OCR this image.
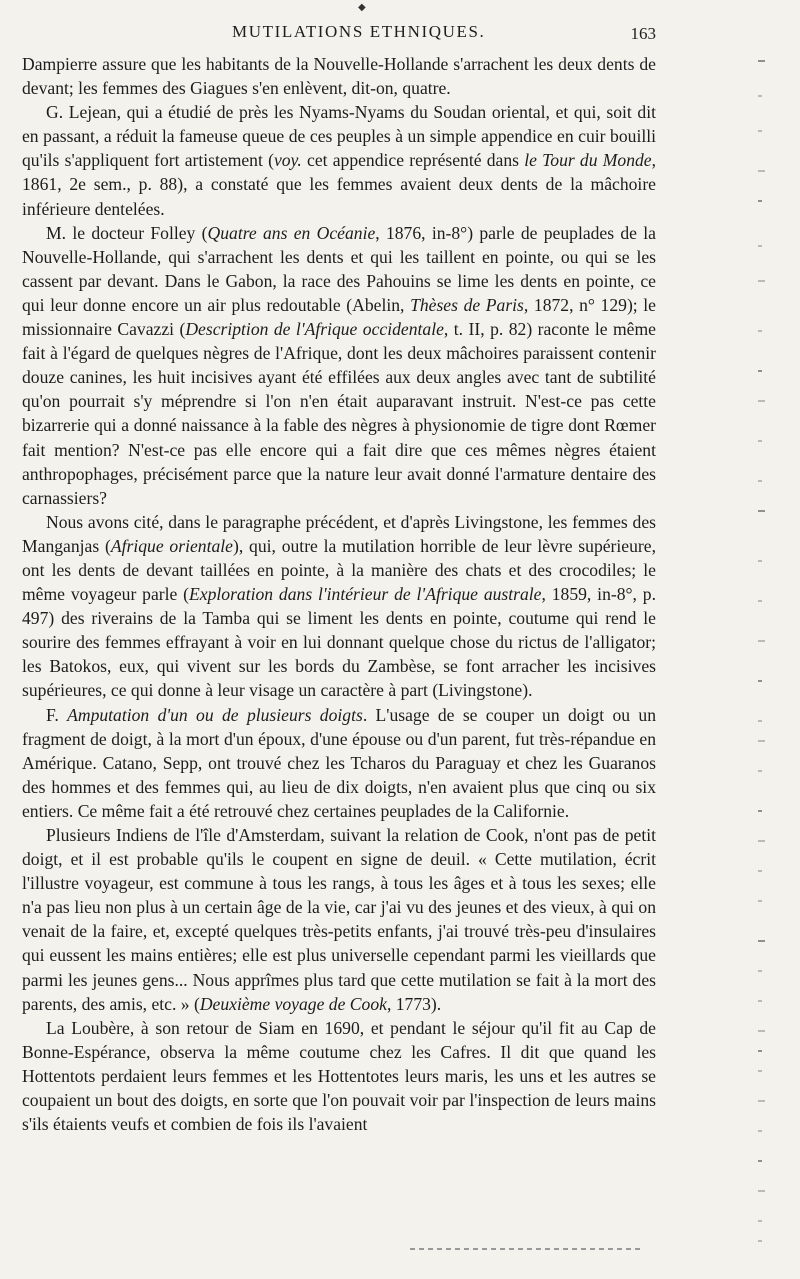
◆
MUTILATIONS ETHNIQUES.	163

Dampierre assure que les habitants de la Nouvelle-Hollande s'arrachent les deux dents de devant; les femmes des Giagues s'en enlèvent, dit-on, quatre.

G. Lejean, qui a étudié de près les Nyams-Nyams du Soudan oriental, et qui, soit dit en passant, a réduit la fameuse queue de ces peuples à un simple appendice en cuir bouilli qu'ils s'appliquent fort artistement (voy. cet appendice représenté dans le Tour du Monde, 1861, 2e sem., p. 88), a constaté que les femmes avaient deux dents de la mâchoire inférieure dentelées.

M. le docteur Folley (Quatre ans en Océanie, 1876, in-8°) parle de peuplades de la Nouvelle-Hollande, qui s'arrachent les dents et qui les taillent en pointe, ou qui se les cassent par devant. Dans le Gabon, la race des Pahouins se lime les dents en pointe, ce qui leur donne encore un air plus redoutable (Abelin, Thèses de Paris, 1872, n° 129); le missionnaire Cavazzi (Description de l'Afrique occidentale, t. II, p. 82) raconte le même fait à l'égard de quelques nègres de l'Afrique, dont les deux mâchoires paraissent contenir douze canines, les huit incisives ayant été effilées aux deux angles avec tant de subtilité qu'on pourrait s'y méprendre si l'on n'en était auparavant instruit. N'est-ce pas cette bizarrerie qui a donné naissance à la fable des nègres à physionomie de tigre dont Rœmer fait mention? N'est-ce pas elle encore qui a fait dire que ces mêmes nègres étaient anthropophages, précisément parce que la nature leur avait donné l'armature dentaire des carnassiers?

Nous avons cité, dans le paragraphe précédent, et d'après Livingstone, les femmes des Manganjas (Afrique orientale), qui, outre la mutilation horrible de leur lèvre supérieure, ont les dents de devant taillées en pointe, à la manière des chats et des crocodiles; le même voyageur parle (Exploration dans l'intérieur de l'Afrique australe, 1859, in-8°, p. 497) des riverains de la Tamba qui se liment les dents en pointe, coutume qui rend le sourire des femmes effrayant à voir en lui donnant quelque chose du rictus de l'alligator; les Batokos, eux, qui vivent sur les bords du Zambèse, se font arracher les incisives supérieures, ce qui donne à leur visage un caractère à part (Livingstone).

F. Amputation d'un ou de plusieurs doigts. L'usage de se couper un doigt ou un fragment de doigt, à la mort d'un époux, d'une épouse ou d'un parent, fut très-répandue en Amérique. Catano, Sepp, ont trouvé chez les Tcharos du Paraguay et chez les Guaranos des hommes et des femmes qui, au lieu de dix doigts, n'en avaient plus que cinq ou six entiers. Ce même fait a été retrouvé chez certaines peuplades de la Californie.

Plusieurs Indiens de l'île d'Amsterdam, suivant la relation de Cook, n'ont pas de petit doigt, et il est probable qu'ils le coupent en signe de deuil. « Cette mutilation, écrit l'illustre voyageur, est commune à tous les rangs, à tous les âges et à tous les sexes; elle n'a pas lieu non plus à un certain âge de la vie, car j'ai vu des jeunes et des vieux, à qui on venait de la faire, et, excepté quelques très-petits enfants, j'ai trouvé très-peu d'insulaires qui eussent les mains entières; elle est plus universelle cependant parmi les vieillards que parmi les jeunes gens... Nous apprîmes plus tard que cette mutilation se fait à la mort des parents, des amis, etc. » (Deuxième voyage de Cook, 1773).

La Loubère, à son retour de Siam en 1690, et pendant le séjour qu'il fit au Cap de Bonne-Espérance, observa la même coutume chez les Cafres. Il dit que quand les Hottentots perdaient leurs femmes et les Hottentotes leurs maris, les uns et les autres se coupaient un bout des doigts, en sorte que l'on pouvait voir par l'inspection de leurs mains s'ils étaients veufs et combien de fois ils l'avaient
